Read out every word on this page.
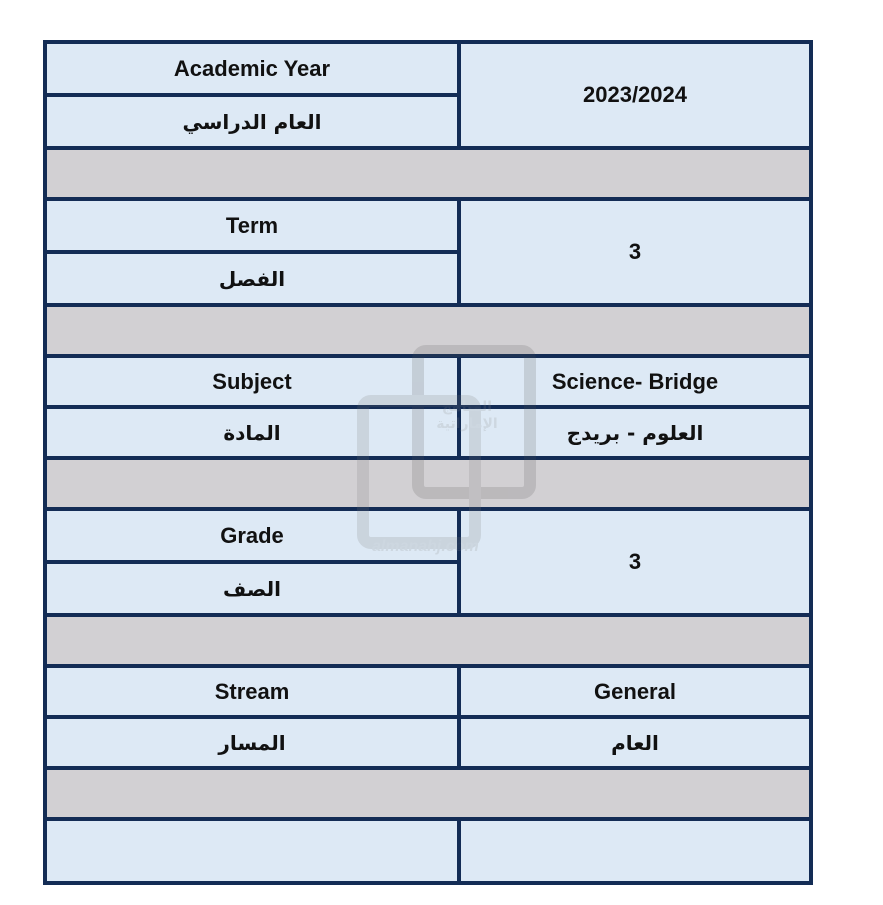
Academic Year	2023/2024
العام الدراسي	

Term	3
الفصل	

Subject	Science- Bridge
المادة	العلوم - بريدج

Grade	3
الصف	

Stream	General
المسار	العام
